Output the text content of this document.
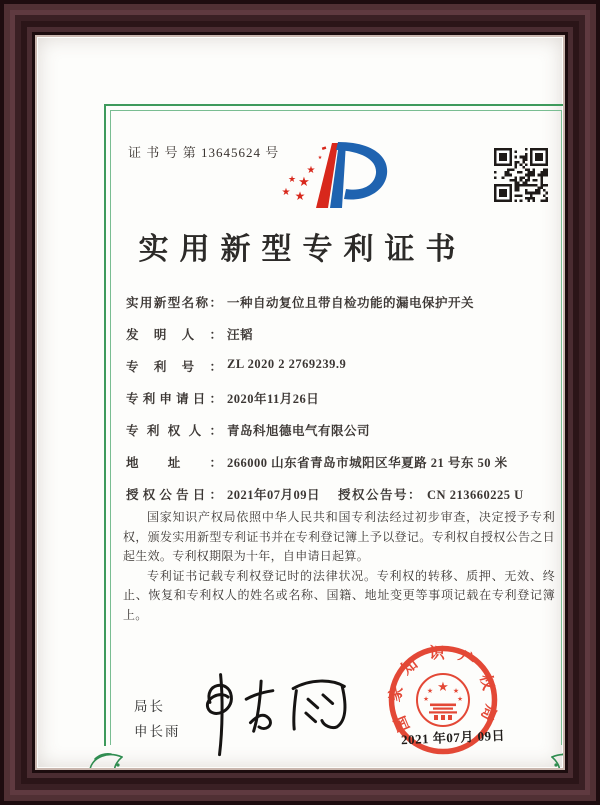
证 书 号 第 13645624 号
★
★
★
★ ★
★
实用新型专利证书
实用新型名称： 一种自动复位且带自检功能的漏电保护开关
发明人： 汪韬
专利号： ZL 2020 2 2769239.9
专利申请日： 2020年11月26日
专利权人： 青岛科旭德电气有限公司
地址： 266000 山东省青岛市城阳区华夏路 21 号东 50 米
授权公告日： 2021年07月09日 授权公告号： CN 213660225 U

国家知识产权局依照中华人民共和国专利法经过初步审查，决定授予专利权，颁发实用新型专利证书并在专利登记簿上予以登记。专利权自授权公告之日起生效。专利权期限为十年，自申请日起算。

专利证书记载专利权登记时的法律状况。专利权的转移、质押、无效、终止、恢复和专利权人的姓名或名称、国籍、地址变更等事项记载在专利登记簿上。

局长
申长雨	国家知识产权局
★
★	★
★	★
2021 年07月 09日
